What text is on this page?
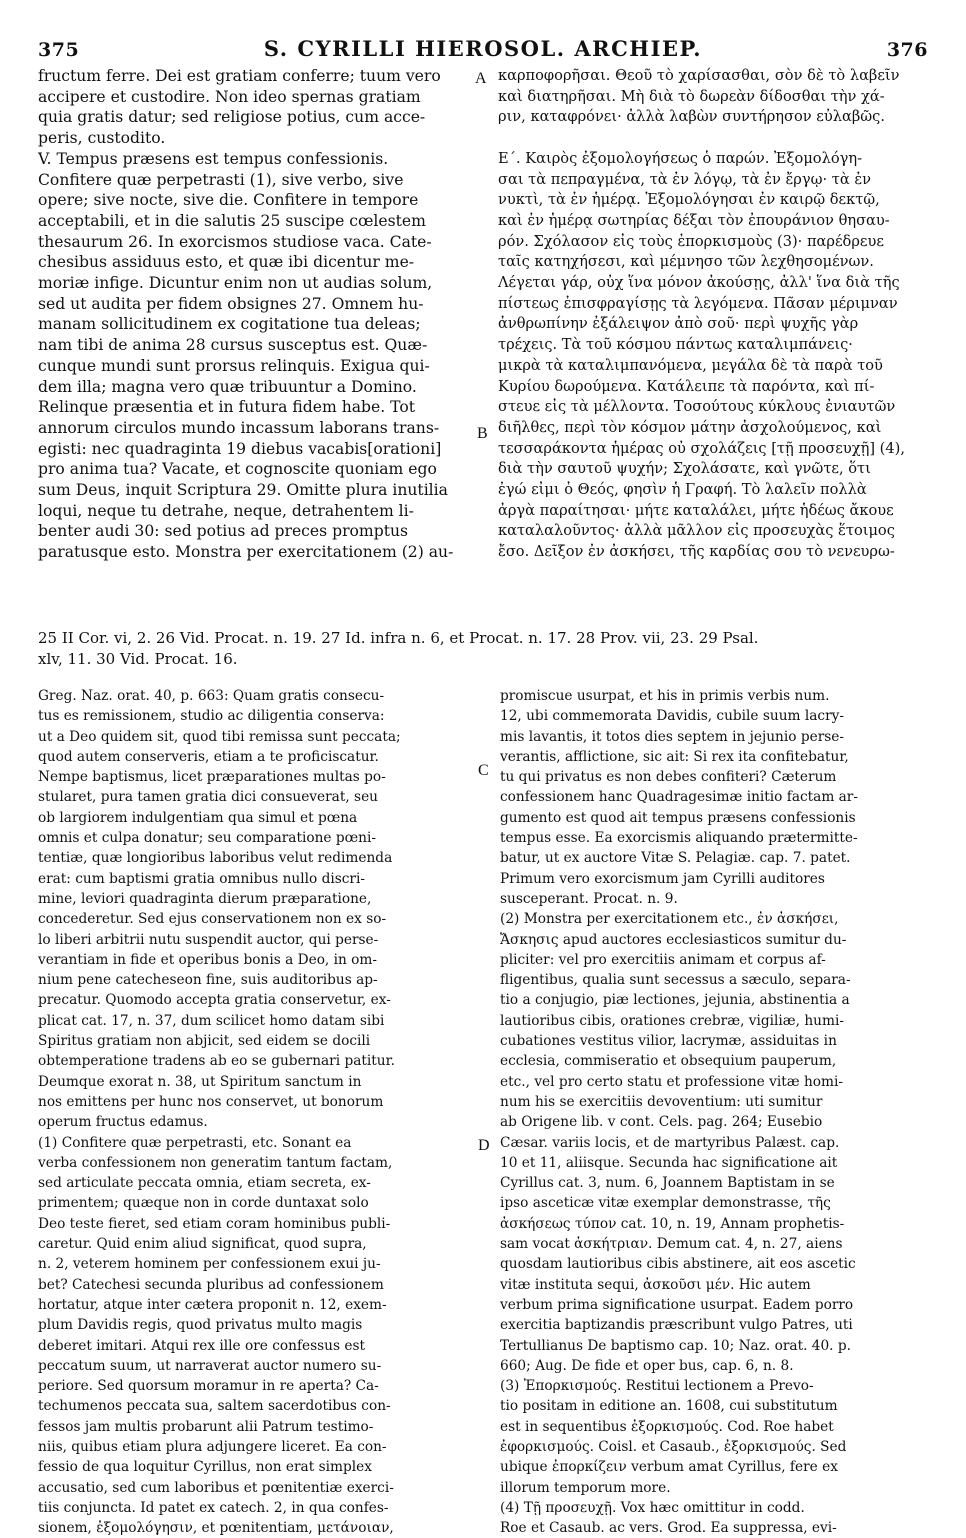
375	S. CYRILLI HIEROSOL. ARCHIEP.	376
fructum ferre. Dei est gratiam conferre; tuum vero
accipere et custodire. Non ideo spernas gratiam
quia gratis datur; sed religiose potius, cum acce-
peris, custodito.
V. Tempus præsens est tempus confessionis.
Confitere quæ perpetrasti (1), sive verbo, sive
opere; sive nocte, sive die. Confitere in tempore
acceptabili, et in die salutis 25 suscipe cœlestem
thesaurum 26. In exorcismos studiose vaca. Cate-
chesibus assiduus esto, et quæ ibi dicentur me-
moriæ infige. Dicuntur enim non ut audias solum,
sed ut audita per fidem obsignes 27. Omnem hu-
manam sollicitudinem ex cogitatione tua deleas;
nam tibi de anima 28 cursus susceptus est. Quæ-
cunque mundi sunt prorsus relinquis. Exigua qui-
dem illa; magna vero quæ tribuuntur a Domino.
Relinque præsentia et in futura fidem habe. Tot
annorum circulos mundo incassum laborans trans-
egisti: nec quadraginta 19 diebus vacabis[orationi]
pro anima tua? Vacate, et cognoscite quoniam ego
sum Deus, inquit Scriptura 29. Omitte plura inutilia
loqui, neque tu detrahe, neque, detrahentem li-
benter audi 30: sed potius ad preces promptus
paratusque esto. Monstra per exercitationem (2) au-
καρποφορῆσαι. Θεοῦ τὸ χαρίσασθαι, σὸν δὲ τὸ λαβεῖν
καὶ διατηρῆσαι. Μὴ διὰ τὸ δωρεὰν δίδοσθαι τὴν χά-
ριν, καταφρόνει· ἀλλὰ λαβὼν συντήρησον εὐλαβῶς.

Ε΄. Καιρὸς ἐξομολογήσεως ὁ παρών. Ἐξομολόγη-
σαι τὰ πεπραγμένα, τὰ ἐν λόγῳ, τὰ ἐν ἔργῳ· τὰ ἐν
νυκτὶ, τὰ ἐν ἡμέρᾳ. Ἐξομολόγησαι ἐν καιρῷ δεκτῷ,
καὶ ἐν ἡμέρᾳ σωτηρίας δέξαι τὸν ἐπουράνιον θησαυ-
ρόν. Σχόλασον εἰς τοὺς ἐπορκισμοὺς (3)· παρέδρευε
ταῖς κατηχήσεσι, καὶ μέμνησο τῶν λεχθησομένων.
Λέγεται γάρ, οὐχ ἵνα μόνον ἀκούσῃς, ἀλλ' ἵνα διὰ τῆς
πίστεως ἐπισφραγίσῃς τὰ λεγόμενα. Πᾶσαν μέριμναν
ἀνθρωπίνην ἐξάλειψον ἀπὸ σοῦ· περὶ ψυχῆς γὰρ
τρέχεις. Τὰ τοῦ κόσμου πάντως καταλιμπάνεις·
μικρὰ τὰ καταλιμπανόμενα, μεγάλα δὲ τὰ παρὰ τοῦ
Κυρίου δωρούμενα. Κατάλειπε τὰ παρόντα, καὶ πί-
στευε εἰς τὰ μέλλοντα. Τοσούτους κύκλους ἐνιαυτῶν
διῆλθες, περὶ τὸν κόσμον μάτην ἀσχολούμενος, καὶ
τεσσαράκοντα ἡμέρας οὐ σχολάζεις [τῇ προσευχῇ] (4),
διὰ τὴν σαυτοῦ ψυχήν; Σχολάσατε, καὶ γνῶτε, ὅτι
ἐγώ εἰμι ὁ Θεός, φησὶν ἡ Γραφή. Τὸ λαλεῖν πολλὰ
ἀργὰ παραίτησαι· μήτε καταλάλει, μήτε ἡδέως ἄκουε
καταλαλοῦντος· ἀλλὰ μᾶλλον εἰς προσευχὰς ἕτοιμος
ἔσο. Δεῖξον ἐν ἀσκήσει, τῆς καρδίας σου τὸ νενευρω-
A
B
C
D
25 II Cor. vi, 2. 26 Vid. Procat. n. 19. 27 Id. infra n. 6, et Procat. n. 17. 28 Prov. vii, 23. 29 Psal.
xlv, 11. 30 Vid. Procat. 16.
Greg. Naz. orat. 40, p. 663: Quam gratis consecu-
tus es remissionem, studio ac diligentia conserva:
ut a Deo quidem sit, quod tibi remissa sunt peccata;
quod autem conserveris, etiam a te proficiscatur.
Nempe baptismus, licet præparationes multas po-
stularet, pura tamen gratia dici consueverat, seu
ob largiorem indulgentiam qua simul et pœna
omnis et culpa donatur; seu comparatione pœni-
tentiæ, quæ longioribus laboribus velut redimenda
erat: cum baptismi gratia omnibus nullo discri-
mine, leviori quadraginta dierum præparatione,
concederetur. Sed ejus conservationem non ex so-
lo liberi arbitrii nutu suspendit auctor, qui perse-
verantiam in fide et operibus bonis a Deo, in om-
nium pene catecheseon fine, suis auditoribus ap-
precatur. Quomodo accepta gratia conservetur, ex-
plicat cat. 17, n. 37, dum scilicet homo datam sibi
Spiritus gratiam non abjicit, sed eidem se docili
obtemperatione tradens ab eo se gubernari patitur.
Deumque exorat n. 38, ut Spiritum sanctum in
nos emittens per hunc nos conservet, ut bonorum
operum fructus edamus.
(1) Confitere quæ perpetrasti, etc. Sonant ea
verba confessionem non generatim tantum factam,
sed articulate peccata omnia, etiam secreta, ex-
primentem; quæque non in corde duntaxat solo
Deo teste fieret, sed etiam coram hominibus publi-
caretur. Quid enim aliud significat, quod supra,
n. 2, veterem hominem per confessionem exui ju-
bet? Catechesi secunda pluribus ad confessionem
hortatur, atque inter cætera proponit n. 12, exem-
plum Davidis regis, quod privatus multo magis
deberet imitari. Atqui rex ille ore confessus est
peccatum suum, ut narraverat auctor numero su-
periore. Sed quorsum moramur in re aperta? Ca-
techumenos peccata sua, saltem sacerdotibus con-
fessos jam multis probarunt alii Patrum testimo-
niis, quibus etiam plura adjungere liceret. Ea con-
fessio de qua loquitur Cyrillus, non erat simplex
accusatio, sed cum laboribus et pœnitentiæ exerci-
tiis conjuncta. Id patet ex catech. 2, in qua confes-
sionem, ἐξομολόγησιν, et pœnitentiam, μετάνοιαν,
promiscue usurpat, et his in primis verbis num.
12, ubi commemorata Davidis, cubile suum lacry-
mis lavantis, it totos dies septem in jejunio perse-
verantis, afflictione, sic ait: Si rex ita confitebatur,
tu qui privatus es non debes confiteri? Cæterum
confessionem hanc Quadragesimæ initio factam ar-
gumento est quod ait tempus præsens confessionis
tempus esse. Ea exorcismis aliquando prætermitte-
batur, ut ex auctore Vitæ S. Pelagiæ. cap. 7. patet.
Primum vero exorcismum jam Cyrilli auditores
susceperant. Procat. n. 9.
(2) Monstra per exercitationem etc., ἐν ἀσκήσει,
Ἄσκησις apud auctores ecclesiasticos sumitur du-
pliciter: vel pro exercitiis animam et corpus af-
fligentibus, qualia sunt secessus a sæculo, separa-
tio a conjugio, piæ lectiones, jejunia, abstinentia a
lautioribus cibis, orationes crebræ, vigiliæ, humi-
cubationes vestitus vilior, lacrymæ, assiduitas in
ecclesia, commiseratio et obsequium pauperum,
etc., vel pro certo statu et professione vitæ homi-
num his se exercitiis devoventium: uti sumitur
ab Origene lib. v cont. Cels. pag. 264; Eusebio
Cæsar. variis locis, et de martyribus Palæst. cap.
10 et 11, aliisque. Secunda hac significatione ait
Cyrillus cat. 3, num. 6, Joannem Baptistam in se
ipso asceticæ vitæ exemplar demonstrasse, τῆς
ἀσκήσεως τύπον cat. 10, n. 19, Annam prophetis-
sam vocat ἀσκήτριαν. Demum cat. 4, n. 27, aiens
quosdam lautioribus cibis abstinere, ait eos ascetic
vitæ instituta sequi, ἀσκοῦσι μέν. Hic autem
verbum prima significatione usurpat. Eadem porro
exercitia baptizandis præscribunt vulgo Patres, uti
Tertullianus De baptismo cap. 10; Naz. orat. 40. p.
660; Aug. De fide et oper bus, cap. 6, n. 8.
(3) Ἐπορκισμούς. Restitui lectionem a Prevo-
tio positam in editione an. 1608, cui substitutum
est in sequentibus ἐξορκισμούς. Cod. Roe habet
ἐφορκισμούς. Coisl. et Casaub., ἐξορκισμούς. Sed
ubique ἐπορκίζειν verbum amat Cyrillus, fere ex
illorum temporum more.
(4) Τῇ προσευχῇ. Vox hæc omittitur in codd.
Roe et Casaub. ac vers. Grod. Ea suppressa, evi-
